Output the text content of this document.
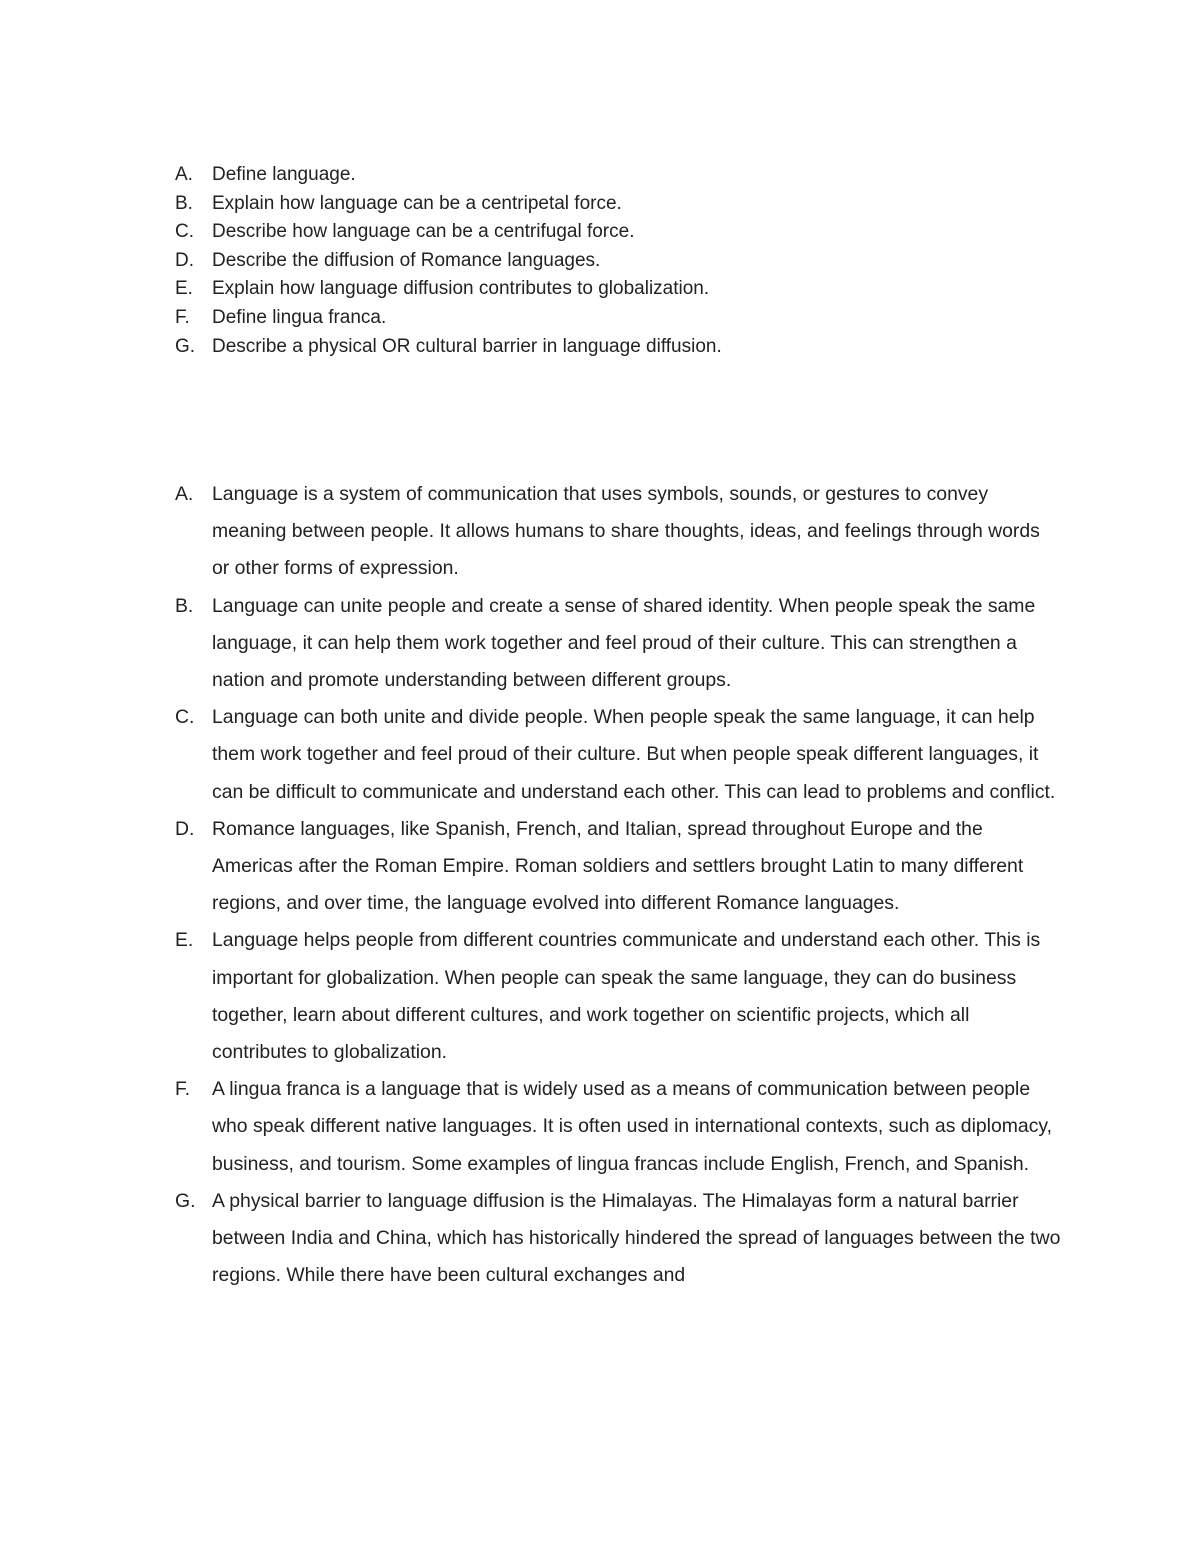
A.	Define language.
B.	Explain how language can be a centripetal force.
C. Describe how language can be a centrifugal force.
D. Describe the diffusion of Romance languages.
E.	Explain how language diffusion contributes to globalization.
F.	Define lingua franca.
G. Describe a physical OR cultural barrier in language diffusion.
A. Language is a system of communication that uses symbols, sounds, or gestures to convey meaning between people. It allows humans to share thoughts, ideas, and feelings through words or other forms of expression.
B. Language can unite people and create a sense of shared identity. When people speak the same language, it can help them work together and feel proud of their culture. This can strengthen a nation and promote understanding between different groups.
C. Language can both unite and divide people. When people speak the same language, it can help them work together and feel proud of their culture. But when people speak different languages, it can be difficult to communicate and understand each other. This can lead to problems and conflict.
D. Romance languages, like Spanish, French, and Italian, spread throughout Europe and the Americas after the Roman Empire. Roman soldiers and settlers brought Latin to many different regions, and over time, the language evolved into different Romance languages.
E. Language helps people from different countries communicate and understand each other. This is important for globalization. When people can speak the same language, they can do business together, learn about different cultures, and work together on scientific projects, which all contributes to globalization.
F.	A lingua franca is a language that is widely used as a means of communication between people who speak different native languages. It is often used in international contexts, such as diplomacy, business, and tourism. Some examples of lingua francas include English, French, and Spanish.
G. A physical barrier to language diffusion is the Himalayas. The Himalayas form a natural barrier between India and China, which has historically hindered the spread of languages between the two regions. While there have been cultural exchanges and
